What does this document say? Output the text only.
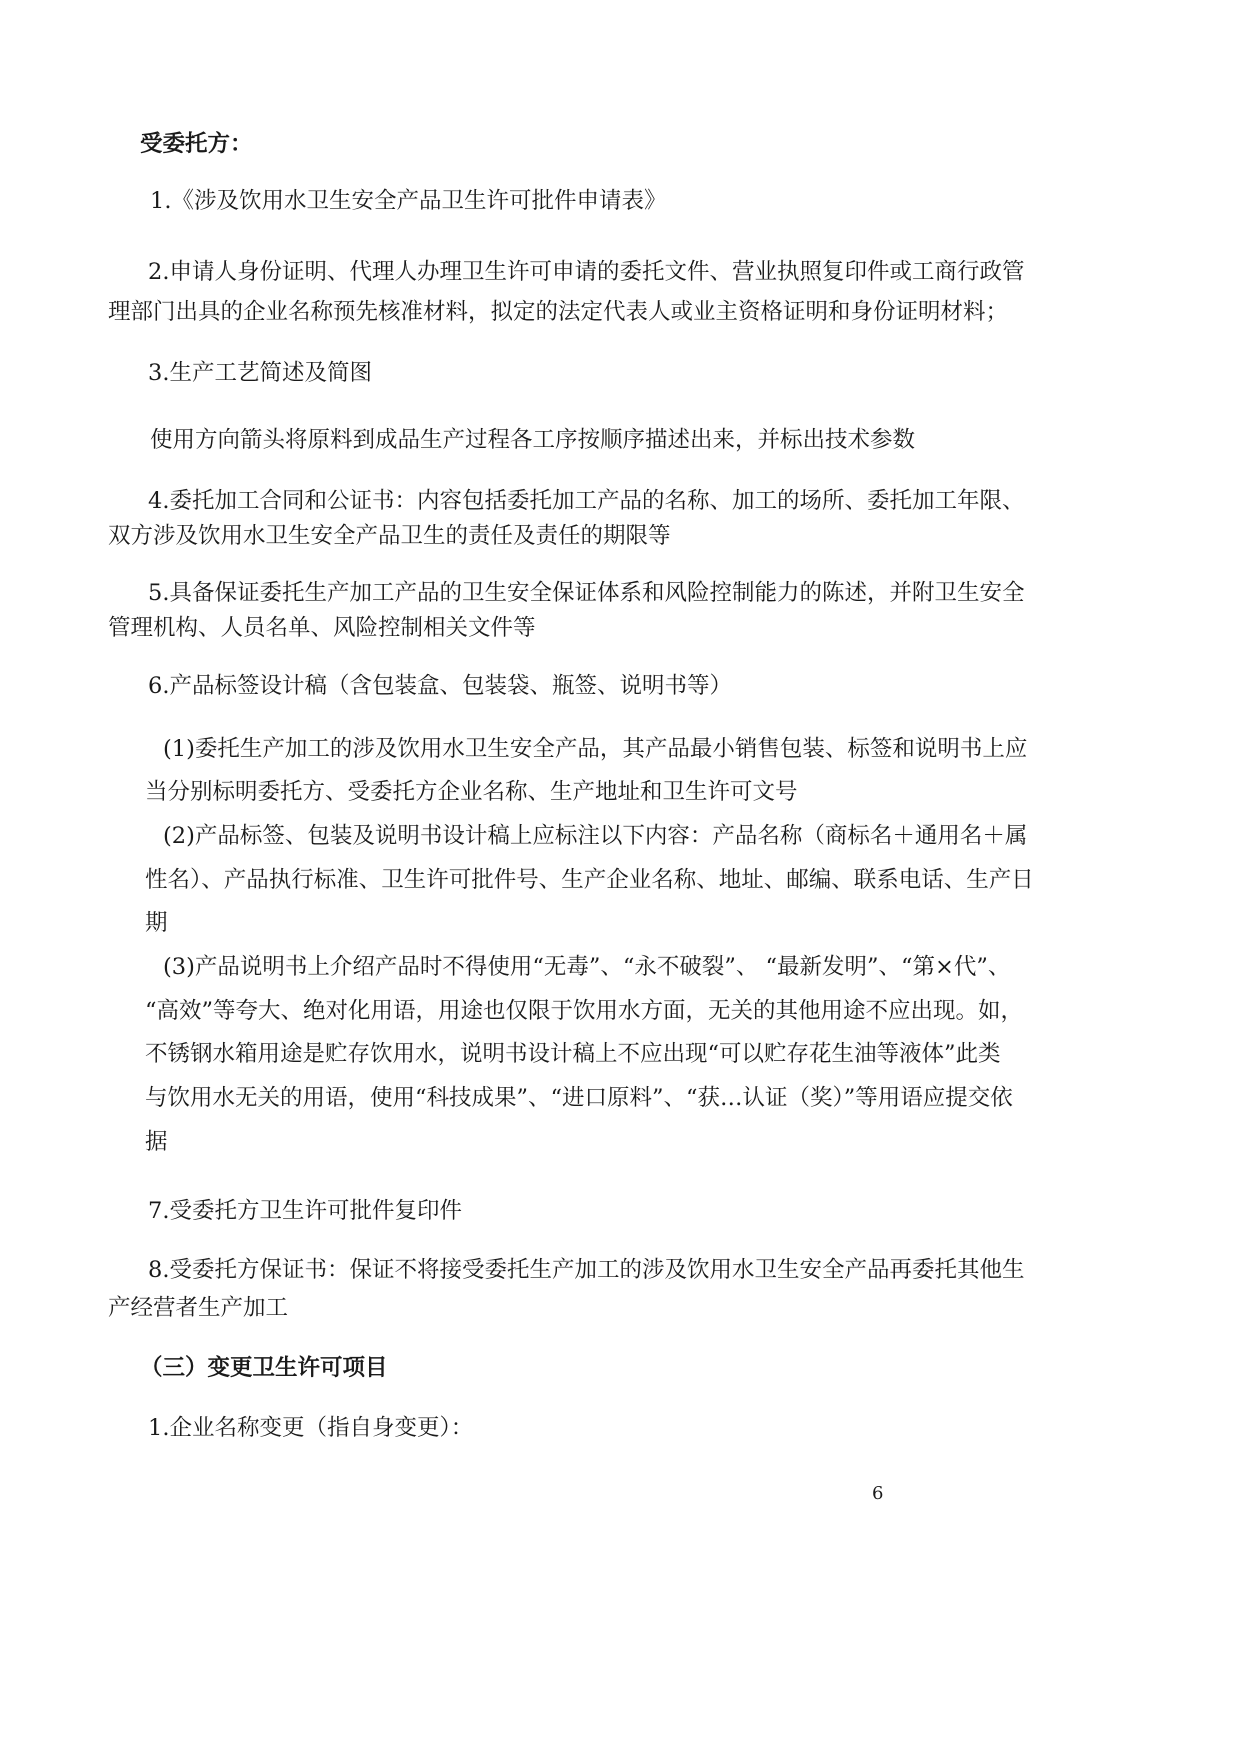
受委托方：

1.《涉及饮用水卫生安全产品卫生许可批件申请表》

2.申请人身份证明、代理人办理卫生许可申请的委托文件、营业执照复印件或工商行政管

理部门出具的企业名称预先核准材料，拟定的法定代表人或业主资格证明和身份证明材料；

3.生产工艺简述及简图

使用方向箭头将原料到成品生产过程各工序按顺序描述出来，并标出技术参数

4.委托加工合同和公证书：内容包括委托加工产品的名称、加工的场所、委托加工年限、

双方涉及饮用水卫生安全产品卫生的责任及责任的期限等

5.具备保证委托生产加工产品的卫生安全保证体系和风险控制能力的陈述，并附卫生安全

管理机构、人员名单、风险控制相关文件等

6.产品标签设计稿（含包装盒、包装袋、瓶签、说明书等）

(1)委托生产加工的涉及饮用水卫生安全产品，其产品最小销售包装、标签和说明书上应

当分别标明委托方、受委托方企业名称、生产地址和卫生许可文号

(2)产品标签、包装及说明书设计稿上应标注以下内容：产品名称（商标名＋通用名＋属

性名）、产品执行标准、卫生许可批件号、生产企业名称、地址、邮编、联系电话、生产日

期

(3)产品说明书上介绍产品时不得使用“无毒”、“永不破裂”、 “最新发明”、“第×代”、

“高效”等夸大、绝对化用语，用途也仅限于饮用水方面，无关的其他用途不应出现。如，

不锈钢水箱用途是贮存饮用水，说明书设计稿上不应出现“可以贮存花生油等液体”此类

与饮用水无关的用语，使用“科技成果”、“进口原料”、“获…认证（奖）”等用语应提交依

据

7.受委托方卫生许可批件复印件

8.受委托方保证书：保证不将接受委托生产加工的涉及饮用水卫生安全产品再委托其他生

产经营者生产加工

（三）变更卫生许可项目

1.企业名称变更（指自身变更）：

6
